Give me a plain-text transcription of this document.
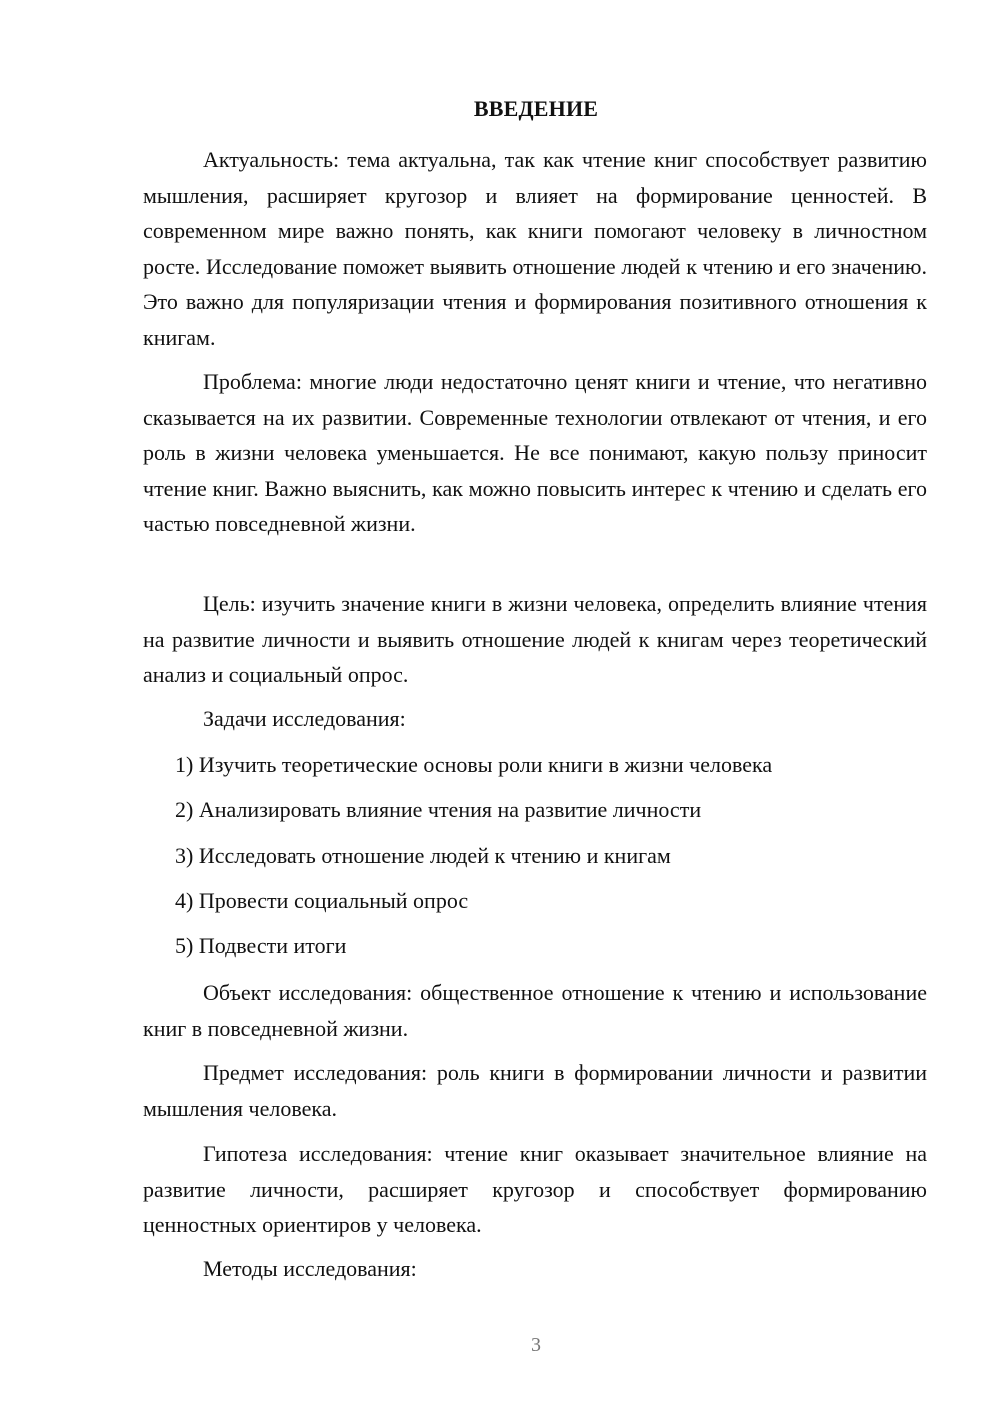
ВВЕДЕНИЕ

Актуальность: тема актуальна, так как чтение книг способствует развитию мышления, расширяет кругозор и влияет на формирование ценностей. В современном мире важно понять, как книги помогают человеку в личностном росте. Исследование поможет выявить отношение людей к чтению и его значению. Это важно для популяризации чтения и формирования позитивного отношения к книгам.

Проблема: многие люди недостаточно ценят книги и чтение, что негативно сказывается на их развитии. Современные технологии отвлекают от чтения, и его роль в жизни человека уменьшается. Не все понимают, какую пользу приносит чтение книг. Важно выяснить, как можно повысить интерес к чтению и сделать его частью повседневной жизни.

Цель: изучить значение книги в жизни человека, определить влияние чтения на развитие личности и выявить отношение людей к книгам через теоретический анализ и социальный опрос.

Задачи исследования:
1) Изучить теоретические основы роли книги в жизни человека
2) Анализировать влияние чтения на развитие личности
3) Исследовать отношение людей к чтению и книгам
4) Провести социальный опрос
5) Подвести итоги

Объект исследования: общественное отношение к чтению и использование книг в повседневной жизни.

Предмет исследования: роль книги в формировании личности и развитии мышления человека.

Гипотеза исследования: чтение книг оказывает значительное влияние на развитие личности, расширяет кругозор и способствует формированию ценностных ориентиров у человека.

Методы исследования:
3
